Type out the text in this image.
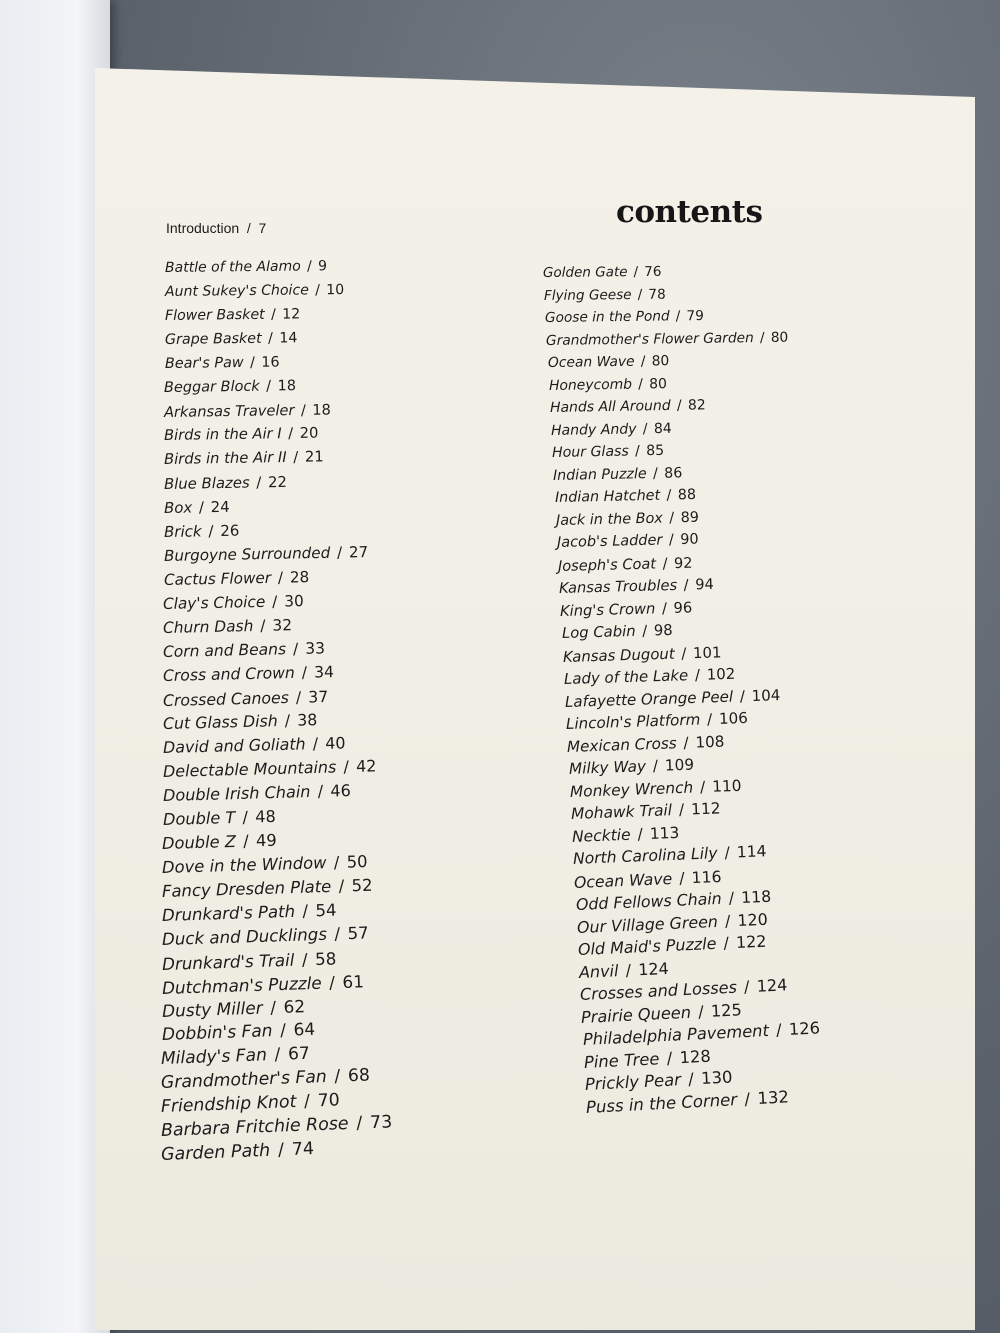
contents
Introduction / 7
Battle of the Alamo / 9
Aunt Sukey's Choice / 10
Flower Basket / 12
Grape Basket / 14
Bear's Paw / 16
Beggar Block / 18
Arkansas Traveler / 18
Birds in the Air I / 20
Birds in the Air II / 21
Blue Blazes / 22
Box / 24
Brick / 26
Burgoyne Surrounded / 27
Cactus Flower / 28
Clay's Choice / 30
Churn Dash / 32
Corn and Beans / 33
Cross and Crown / 34
Crossed Canoes / 37
Cut Glass Dish / 38
David and Goliath / 40
Delectable Mountains / 42
Double Irish Chain / 46
Double T / 48
Double Z / 49
Dove in the Window / 50
Fancy Dresden Plate / 52
Drunkard's Path / 54
Duck and Ducklings / 57
Drunkard's Trail / 58
Dutchman's Puzzle / 61
Dusty Miller / 62
Dobbin's Fan / 64
Milady's Fan / 67
Grandmother's Fan / 68
Friendship Knot / 70
Barbara Fritchie Rose / 73
Garden Path / 74
Golden Gate / 76
Flying Geese / 78
Goose in the Pond / 79
Grandmother's Flower Garden / 80
Ocean Wave / 80
Honeycomb / 80
Hands All Around / 82
Handy Andy / 84
Hour Glass / 85
Indian Puzzle / 86
Indian Hatchet / 88
Jack in the Box / 89
Jacob's Ladder / 90
Joseph's Coat / 92
Kansas Troubles / 94
King's Crown / 96
Log Cabin / 98
Kansas Dugout / 101
Lady of the Lake / 102
Lafayette Orange Peel / 104
Lincoln's Platform / 106
Mexican Cross / 108
Milky Way / 109
Monkey Wrench / 110
Mohawk Trail / 112
Necktie / 113
North Carolina Lily / 114
Ocean Wave / 116
Odd Fellows Chain / 118
Our Village Green / 120
Old Maid's Puzzle / 122
Anvil / 124
Crosses and Losses / 124
Prairie Queen / 125
Philadelphia Pavement / 126
Pine Tree / 128
Prickly Pear / 130
Puss in the Corner / 132
